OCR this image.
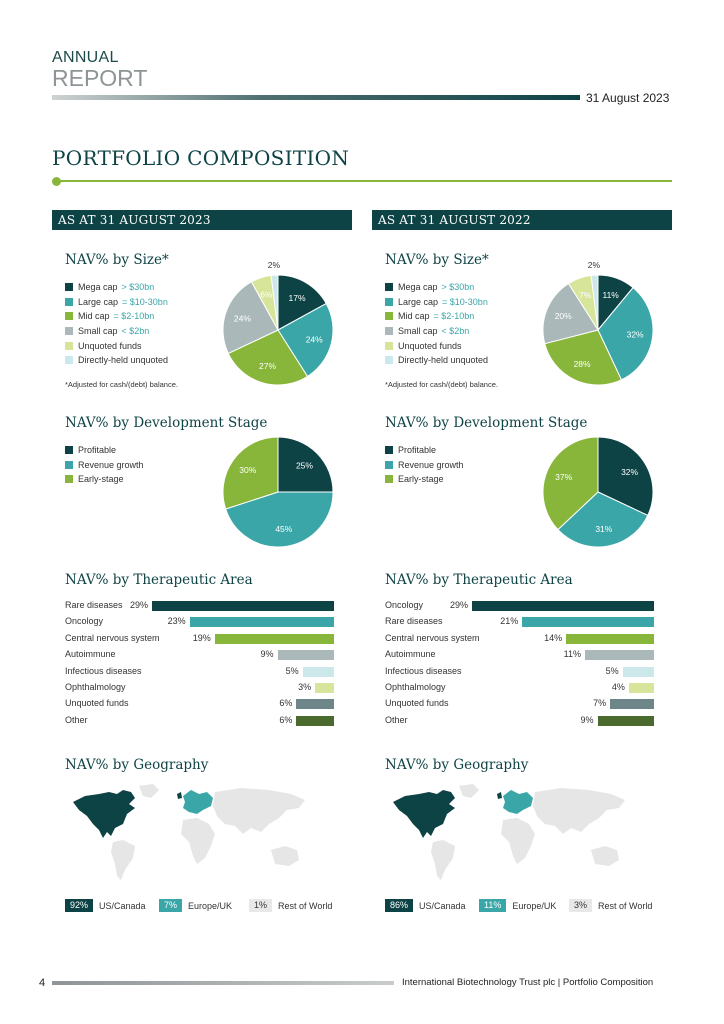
ANNUAL
REPORT
31 August 2023
PORTFOLIO COMPOSITION
AS AT 31 AUGUST 2023
NAV% by Size*
Mega cap > $30bn
Large cap = $10-30bn
Mid cap = $2-10bn
Small cap < $2bn
Unquoted funds
Directly-held unquoted
*Adjusted for cash/(debt) balance.
17%
24%
27%
24%
6%
2%
NAV% by Development Stage
Profitable
Revenue growth
Early-stage
25%
45%
30%
NAV% by Therapeutic Area
Rare diseases 29%
Oncology	23%
Central nervous system	19%
Autoimmune	9%
Infectious diseases	5%
Ophthalmology	3%
Unquoted funds	6%
Other	6%
NAV% by Geography
92%	US/Canada	7%	Europe/UK	1%	Rest of World
AS AT 31 AUGUST 2022
NAV% by Size*
Mega cap > $30bn
Large cap = $10-30bn
Mid cap = $2-10bn
Small cap < $2bn
Unquoted funds
Directly-held unquoted
*Adjusted for cash/(debt) balance.
11%
32%
28%
20%
7%
2%
NAV% by Development Stage
Profitable
Revenue growth
Early-stage
32%
31%
37%
NAV% by Therapeutic Area
Oncology	29%
Rare diseases	21%
Central nervous system	14%
Autoimmune	11%
Infectious diseases	5%
Ophthalmology	4%
Unquoted funds	7%
Other	9%
NAV% by Geography
86%	US/Canada	11%	Europe/UK	3%	Rest of World
4	International Biotechnology Trust plc | Portfolio Composition
